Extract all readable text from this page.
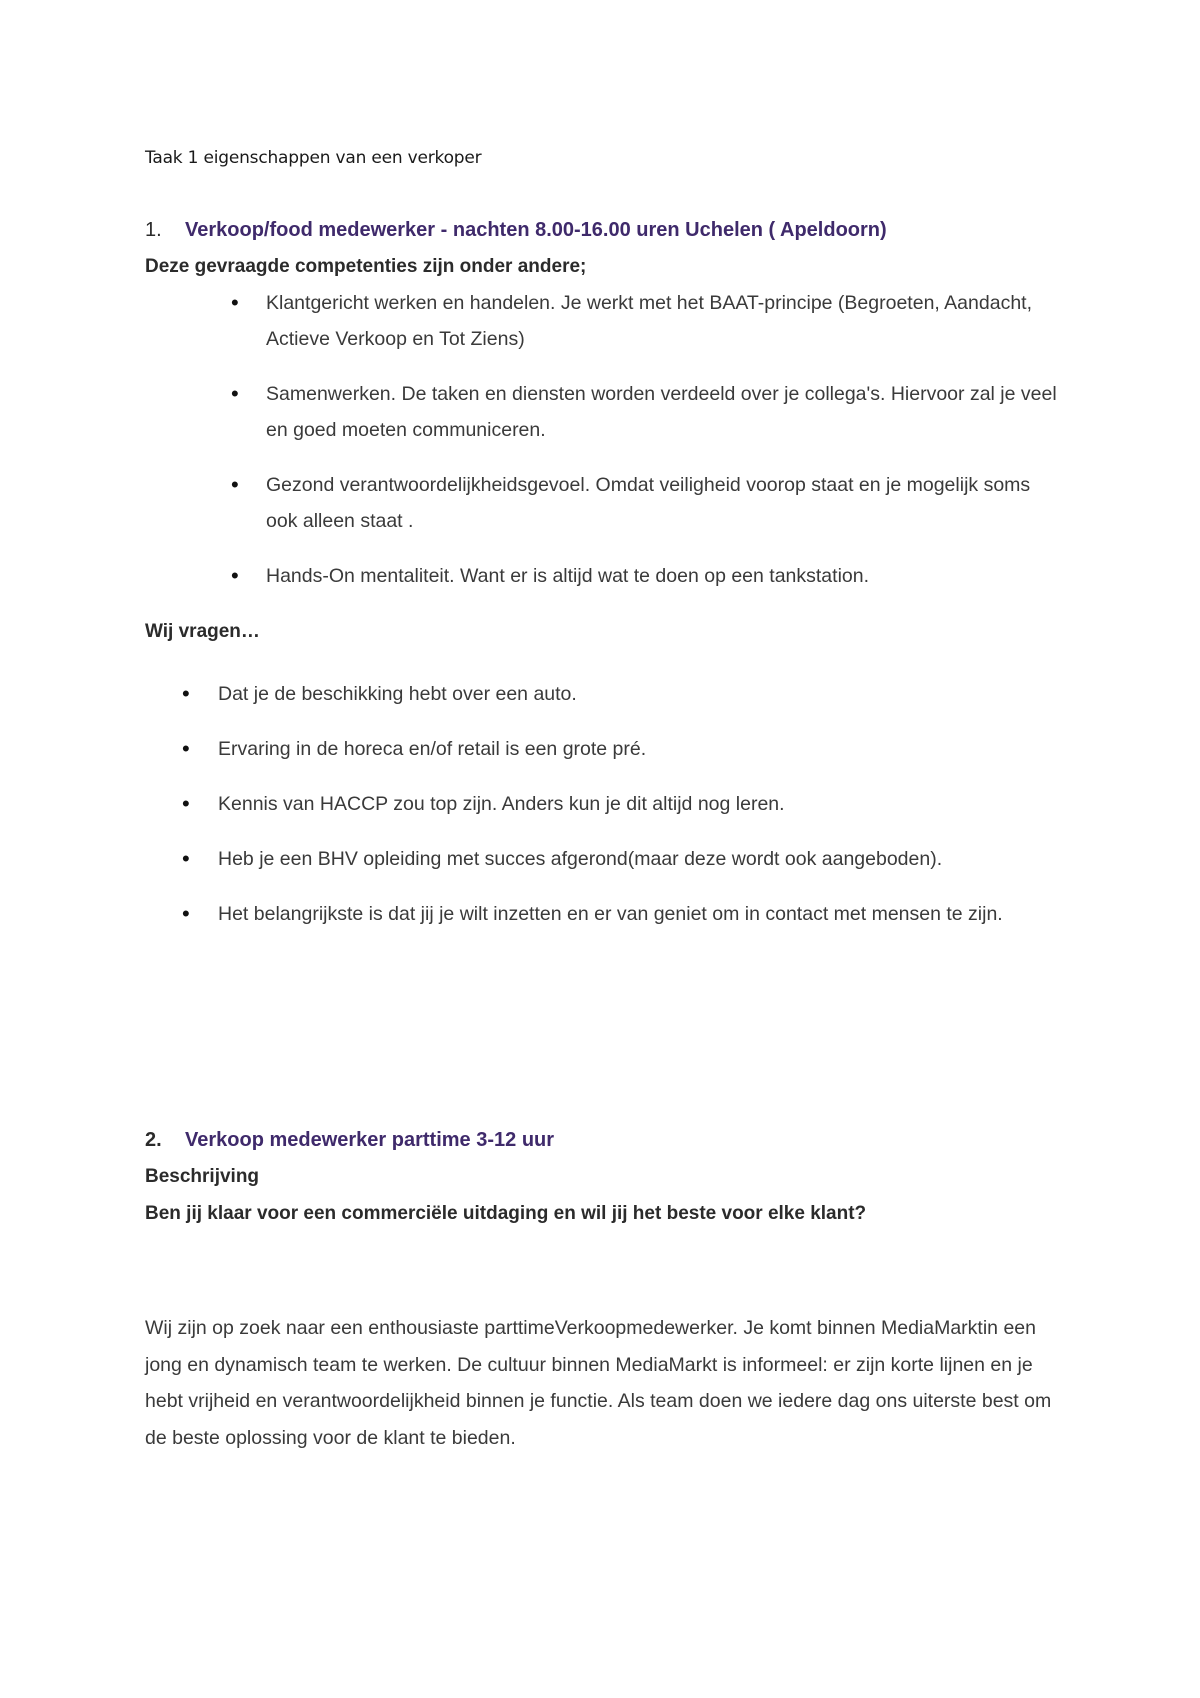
Taak 1 eigenschappen van een verkoper
1. Verkoop/food medewerker - nachten 8.00-16.00 uren Uchelen ( Apeldoorn)
Deze gevraagde competenties zijn onder andere;
• Klantgericht werken en handelen. Je werkt met het BAAT-principe (Begroeten, Aandacht, Actieve Verkoop en Tot Ziens)
• Samenwerken. De taken en diensten worden verdeeld over je collega's. Hiervoor zal je veel en goed moeten communiceren.
• Gezond verantwoordelijkheidsgevoel. Omdat veiligheid voorop staat en je mogelijk soms ook alleen staat .
• Hands-On mentaliteit. Want er is altijd wat te doen op een tankstation.
Wij vragen…
• Dat je de beschikking hebt over een auto.
• Ervaring in de horeca en/of retail is een grote pré.
• Kennis van HACCP zou top zijn. Anders kun je dit altijd nog leren.
• Heb je een BHV opleiding met succes afgerond(maar deze wordt ook aangeboden).
• Het belangrijkste is dat jij je wilt inzetten en er van geniet om in contact met mensen te zijn.
2. Verkoop medewerker parttime 3-12 uur
Beschrijving
Ben jij klaar voor een commerciële uitdaging en wil jij het beste voor elke klant?

Wij zijn op zoek naar een enthousiaste parttimeVerkoopmedewerker. Je komt binnen MediaMarktin een jong en dynamisch team te werken. De cultuur binnen MediaMarkt is informeel: er zijn korte lijnen en je hebt vrijheid en verantwoordelijkheid binnen je functie. Als team doen we iedere dag ons uiterste best om de beste oplossing voor de klant te bieden.
